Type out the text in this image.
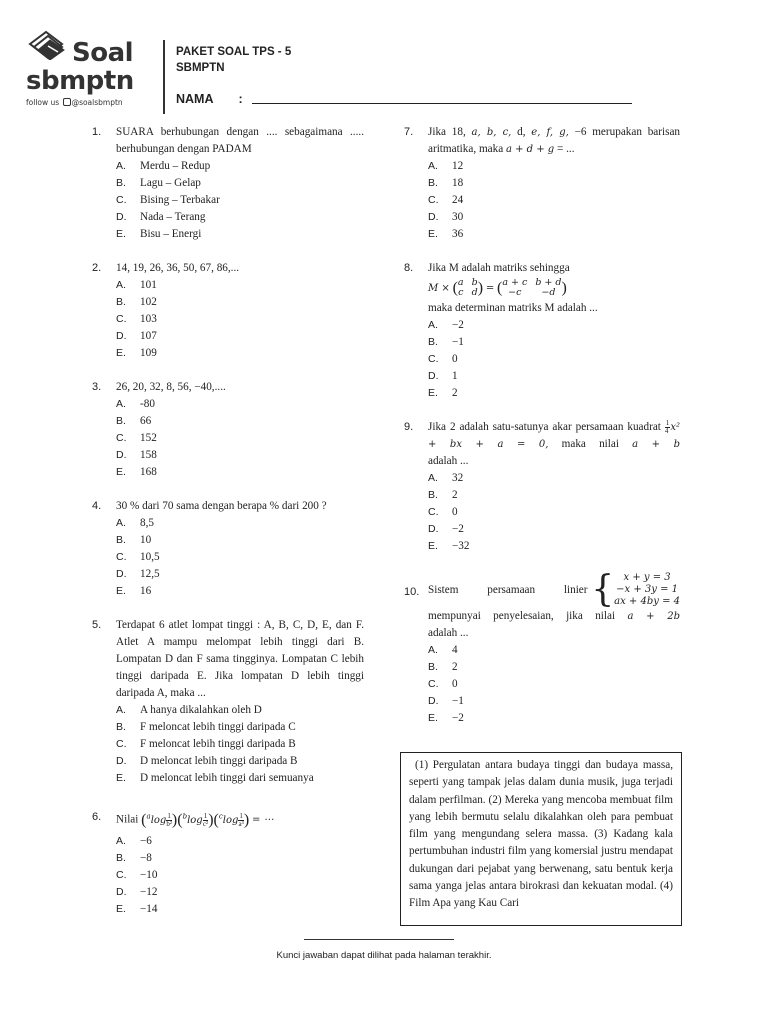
Soal
sbmptn
follow us @soalsbmptn
PAKET SOAL TPS - 5
SBMPTN
NAMA :
1. SUARA berhubungan dengan .... sebagaimana ..... berhubungan dengan PADAM
A.	Merdu – Redup
B.	Lagu – Gelap
C.	Bising – Terbakar
D.	Nada – Terang
E.	Bisu – Energi
2. 14, 19, 26, 36, 50, 67, 86,...
A.	101
B.	102
C.	103
D.	107
E.	109
3. 26, 20, 32, 8, 56, −40,....
A.	-80
B.	66
C.	152
D.	158
E.	168
4. 30 % dari 70 sama dengan berapa % dari 200 ?
A.	8,5
B.	10
C.	10,5
D.	12,5
E.	16
5. Terdapat 6 atlet lompat tinggi : A, B, C, D, E, dan F. Atlet A mampu melompat lebih tinggi dari B. Lompatan D dan F sama tingginya. Lompatan C lebih tinggi daripada E. Jika lompatan D lebih tinggi daripada A, maka ...
A.	A hanya dikalahkan oleh D
B.	F meloncat lebih tinggi daripada C
C.	F meloncat lebih tinggi daripada B
D.	D meloncat lebih tinggi daripada B
E.	D meloncat lebih tinggi dari semuanya
6. Nilai $(^a\log \frac{1}{\text{b²}} )(^b\log \frac{1}{\text{c²}} )(^c\log \frac{1}{\text{a³}}$ ) = ⋯
A.	−6
B.	−8
C.	−10
D.	−12
E.	−14
7. Jika 18, a, b, c, d, e, f, g, −6 merupakan barisan aritmatika, maka a + d + g = ...
A.	12
B.	18
C.	24
D.	30
E.	36
8. Jika M adalah matriks sehingga
M × ( a b
c d ) = ( a + c b + d
−c	−d )
maka determinan matriks M adalah ...
A.	−2
B.	−1
C.	0
D.	1
E.	2
9. Jika 2 adalah satu-satunya akar persamaan kuadrat $\frac{1}{4} x^2$ + bx + a = 0, maka nilai a + b
adalah ...
A.	32
B.	2
C.	0
D.	−2
E.	−32
10. Sistem persamaan linier { x + y = 3
−x + 3y = 1
ax + 4by = 4
mempunyai penyelesaian, jika nilai a + 2b
adalah ...
A.	4
B.	2
C.	0
D.	−1
E.	−2

(1) Pergulatan antara budaya tinggi dan budaya massa, seperti yang tampak jelas dalam dunia musik, juga terjadi dalam perfilman. (2) Mereka yang mencoba membuat film yang lebih bermutu selalu dikalahkan oleh para pembuat film yang mengundang selera massa. (3) Kadang kala pertumbuhan industri film yang komersial justru mendapat dukungan dari pejabat yang berwenang, satu bentuk kerja sama yanga jelas antara birokrasi dan kekuatan modal. (4) Film Apa yang Kau Cari

Kunci jawaban dapat dilihat pada halaman terakhir.
